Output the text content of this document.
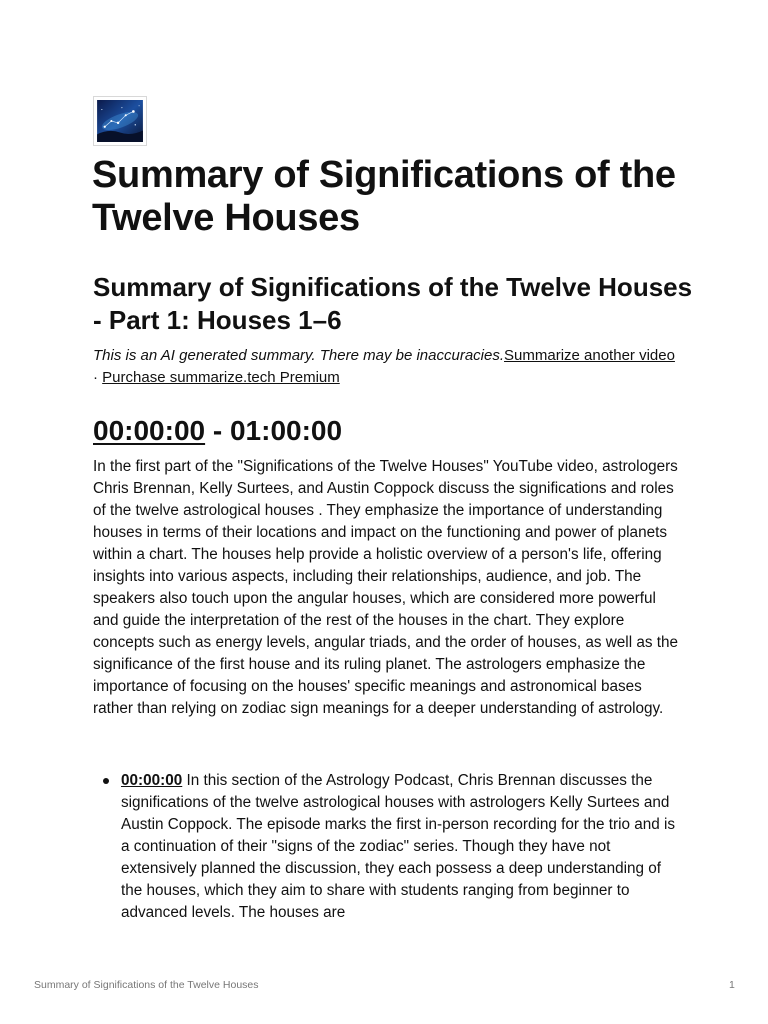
Summary of Significations of the Twelve Houses
Summary of Significations of the Twelve Houses - Part 1: Houses 1–6

This is an AI generated summary. There may be inaccuracies.Summarize another video · Purchase summarize.tech Premium

00:00:00 - 01:00:00

In the first part of the "Significations of the Twelve Houses" YouTube video, astrologers Chris Brennan, Kelly Surtees, and Austin Coppock discuss the significations and roles of the twelve astrological houses . They emphasize the importance of understanding houses in terms of their locations and impact on the functioning and power of planets within a chart. The houses help provide a holistic overview of a person's life, offering insights into various aspects, including their relationships, audience, and job. The speakers also touch upon the angular houses, which are considered more powerful and guide the interpretation of the rest of the houses in the chart. They explore concepts such as energy levels, angular triads, and the order of houses, as well as the significance of the first house and its ruling planet. The astrologers emphasize the importance of focusing on the houses' specific meanings and astronomical bases rather than relying on zodiac sign meanings for a deeper understanding of astrology.

00:00:00 In this section of the Astrology Podcast, Chris Brennan discusses the significations of the twelve astrological houses with astrologers Kelly Surtees and Austin Coppock. The episode marks the first in-person recording for the trio and is a continuation of their "signs of the zodiac" series. Though they have not extensively planned the discussion, they each possess a deep understanding of the houses, which they aim to share with students ranging from beginner to advanced levels. The houses are
Summary of Significations of the Twelve Houses	1
